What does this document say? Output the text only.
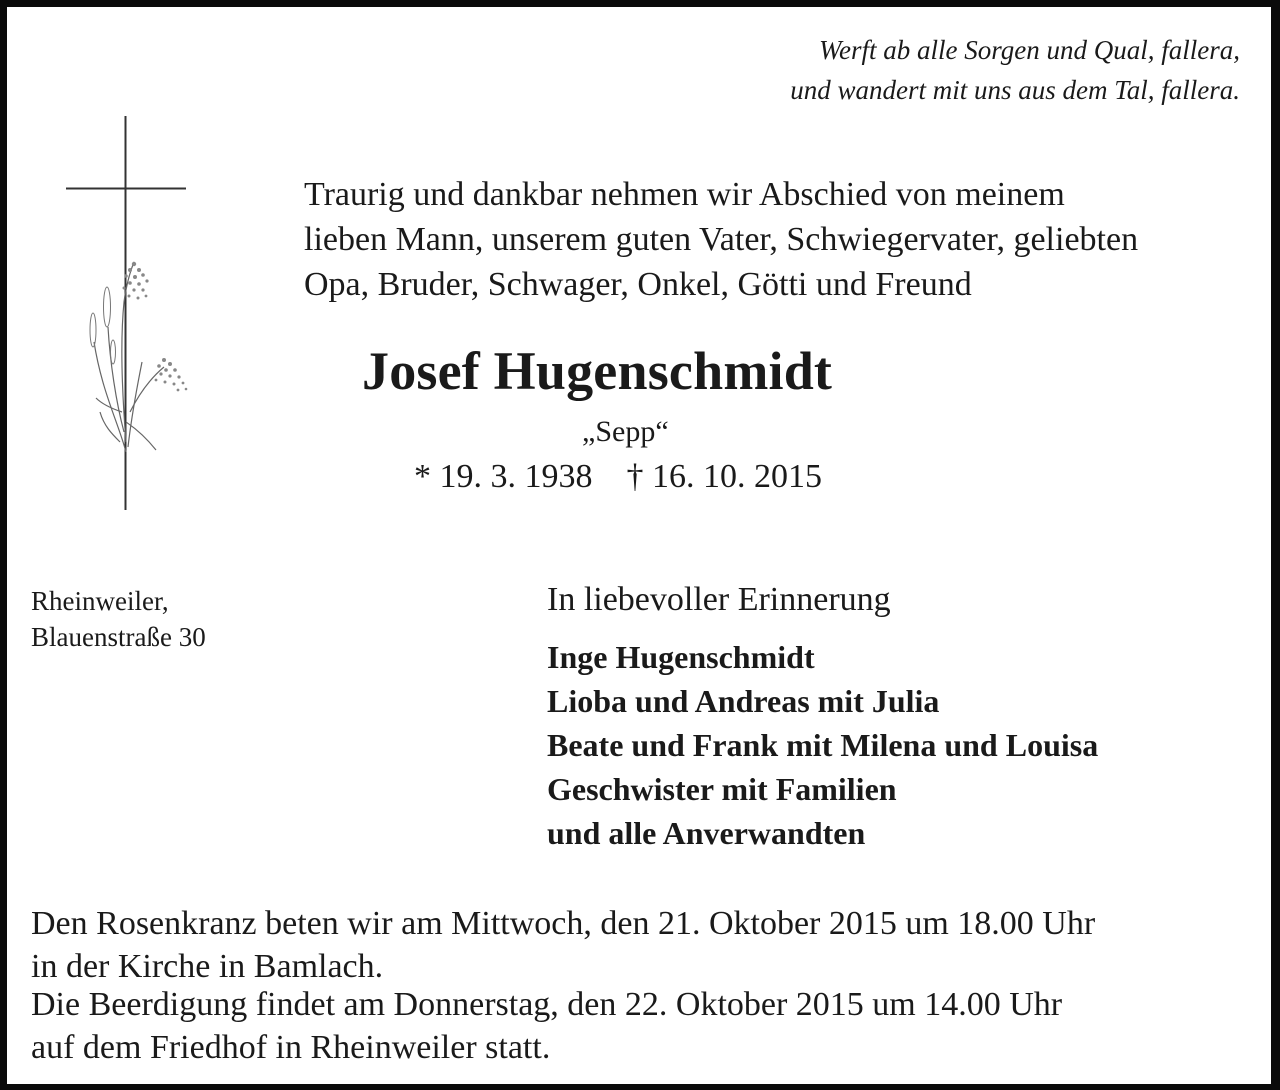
Werft ab alle Sorgen und Qual, fallera,
und wandert mit uns aus dem Tal, fallera.
Traurig und dankbar nehmen wir Abschied von meinem
lieben Mann, unserem guten Vater, Schwiegervater, geliebten
Opa, Bruder, Schwager, Onkel, Götti und Freund
Josef Hugenschmidt
„Sepp“
* 19. 3. 1938 † 16. 10. 2015
Rheinweiler,
Blauenstraße 30
In liebevoller Erinnerung
Inge Hugenschmidt
Lioba und Andreas mit Julia
Beate und Frank mit Milena und Louisa
Geschwister mit Familien
und alle Anverwandten
Den Rosenkranz beten wir am Mittwoch, den 21. Oktober 2015 um 18.00 Uhr
in der Kirche in Bamlach.
Die Beerdigung findet am Donnerstag, den 22. Oktober 2015 um 14.00 Uhr
auf dem Friedhof in Rheinweiler statt.
